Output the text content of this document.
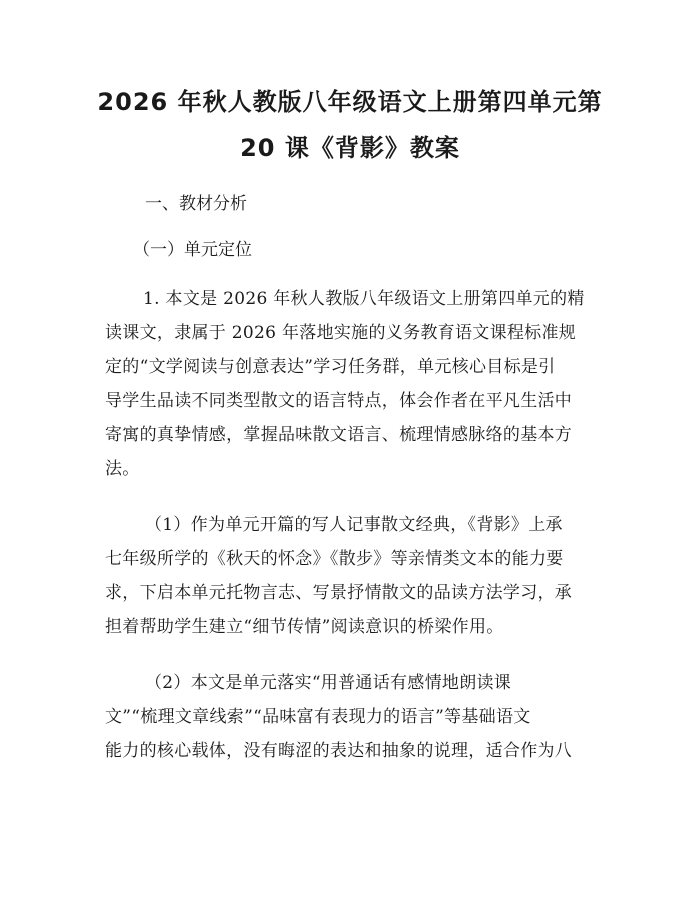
2026 年秋人教版八年级语文上册第四单元第
20 课《背影》教案

一、教材分析

（一）单元定位

1. 本文是 2026 年秋人教版八年级语文上册第四单元的精

读课文，隶属于 2026 年落地实施的义务教育语文课程标准规

定的“文学阅读与创意表达”学习任务群，单元核心目标是引

导学生品读不同类型散文的语言特点，体会作者在平凡生活中

寄寓的真挚情感，掌握品味散文语言、梳理情感脉络的基本方

法。

（1）作为单元开篇的写人记事散文经典，《背影》上承

七年级所学的《秋天的怀念》《散步》等亲情类文本的能力要

求，下启本单元托物言志、写景抒情散文的品读方法学习，承

担着帮助学生建立“细节传情”阅读意识的桥梁作用。

（2）本文是单元落实“用普通话有感情地朗读课

文”“梳理文章线索”“品味富有表现力的语言”等基础语文

能力的核心载体，没有晦涩的表达和抽象的说理，适合作为八
